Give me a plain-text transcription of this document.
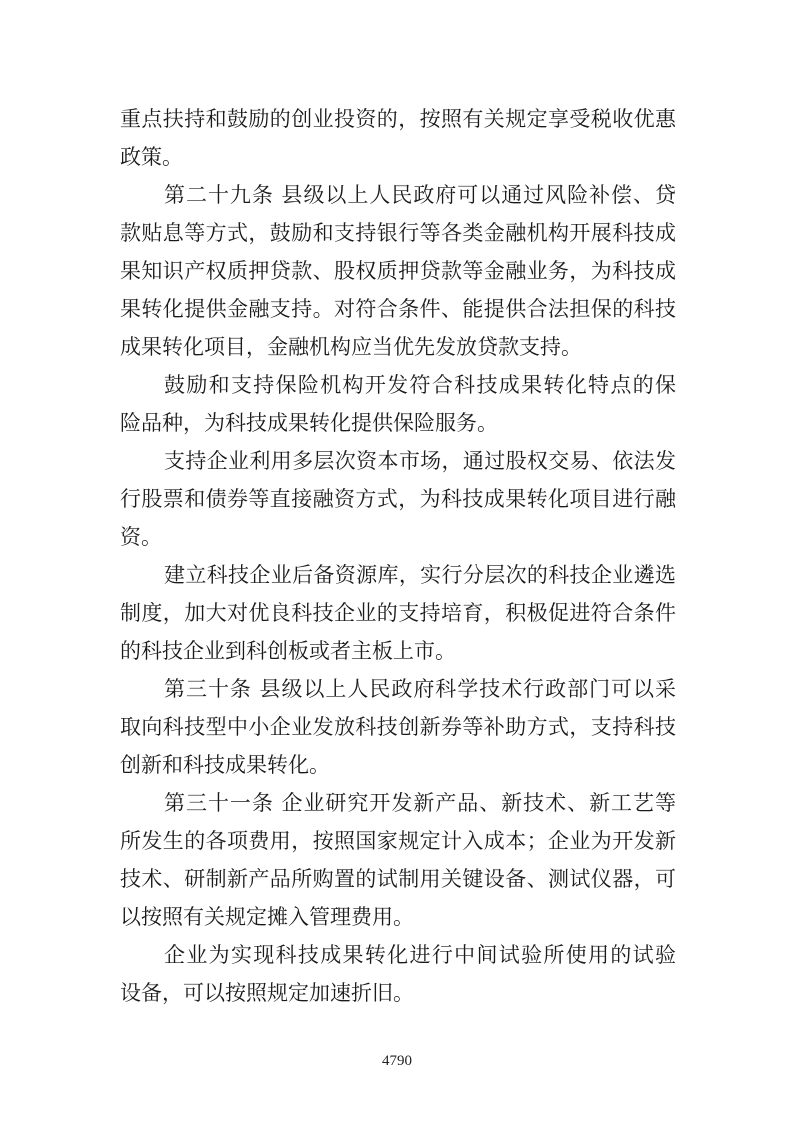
重点扶持和鼓励的创业投资的，按照有关规定享受税收优惠
政策。
第二十九条 县级以上人民政府可以通过风险补偿、贷
款贴息等方式，鼓励和支持银行等各类金融机构开展科技成
果知识产权质押贷款、股权质押贷款等金融业务，为科技成
果转化提供金融支持。对符合条件、能提供合法担保的科技
成果转化项目，金融机构应当优先发放贷款支持。
鼓励和支持保险机构开发符合科技成果转化特点的保
险品种，为科技成果转化提供保险服务。
支持企业利用多层次资本市场，通过股权交易、依法发
行股票和债券等直接融资方式，为科技成果转化项目进行融
资。
建立科技企业后备资源库，实行分层次的科技企业遴选
制度，加大对优良科技企业的支持培育，积极促进符合条件
的科技企业到科创板或者主板上市。
第三十条 县级以上人民政府科学技术行政部门可以采
取向科技型中小企业发放科技创新券等补助方式，支持科技
创新和科技成果转化。
第三十一条 企业研究开发新产品、新技术、新工艺等
所发生的各项费用，按照国家规定计入成本；企业为开发新
技术、研制新产品所购置的试制用关键设备、测试仪器，可
以按照有关规定摊入管理费用。
企业为实现科技成果转化进行中间试验所使用的试验
设备，可以按照规定加速折旧。
4790
